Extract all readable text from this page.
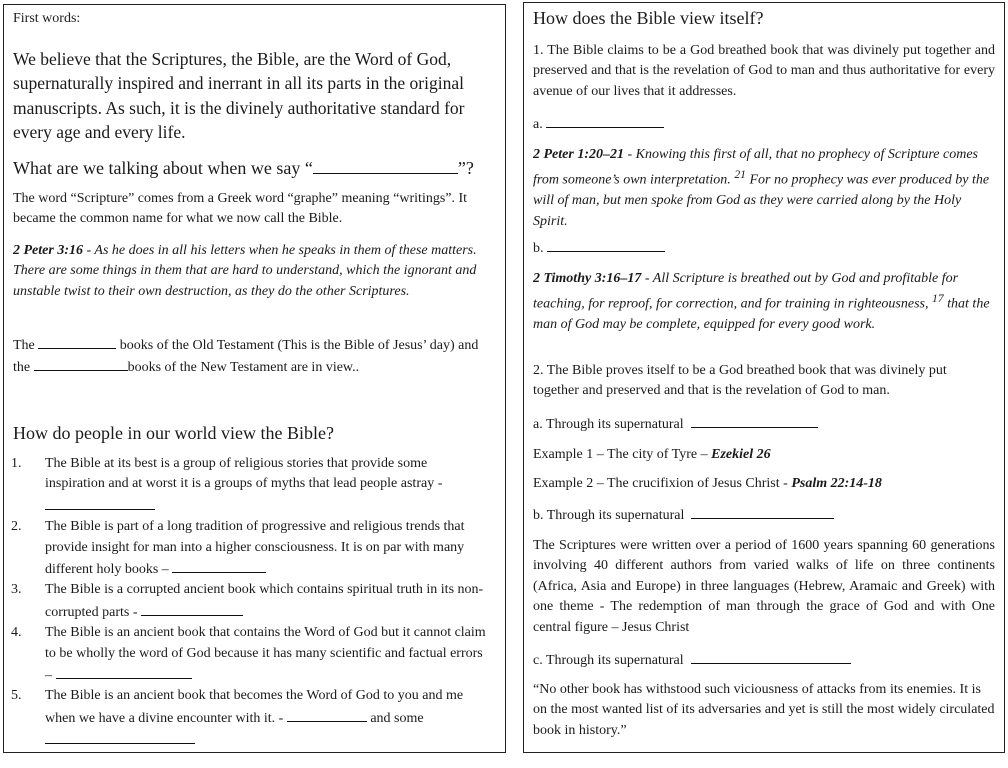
First words:

We believe that the Scriptures, the Bible, are the Word of God, supernaturally inspired and inerrant in all its parts in the original manuscripts. As such, it is the divinely authoritative standard for every age and every life.

What are we talking about when we say “	”?

The word “Scripture” comes from a Greek word “graphe” meaning “writings”. It became the common name for what we now call the Bible.

2 Peter 3:16 - As he does in all his letters when he speaks in them of these matters. There are some things in them that are hard to understand, which the ignorant and unstable twist to their own destruction, as they do the other Scriptures.

The	books of the Old Testament (This is the Bible of Jesus’ day) and the	books of the New Testament are in view..

How do people in our world view the Bible?

1. The Bible at its best is a group of religious stories that provide some inspiration and at worst it is a groups of myths that lead people astray -
2. The Bible is part of a long tradition of progressive and religious trends that provide insight for man into a higher consciousness. It is on par with many different holy books –
3. The Bible is a corrupted ancient book which contains spiritual truth in its non-corrupted parts -
4. The Bible is an ancient book that contains the Word of God but it cannot claim to be wholly the word of God because it has many scientific and factual errors –
5. The Bible is an ancient book that becomes the Word of God to you and me when we have a divine encounter with it. -	and some

How does the Bible view itself?

1. The Bible claims to be a God breathed book that was divinely put together and preserved and that is the revelation of God to man and thus authoritative for every avenue of our lives that it addresses.

a.

2 Peter 1:20–21 - Knowing this first of all, that no prophecy of Scripture comes from someone’s own interpretation. $^{21}$ For no prophecy was ever produced by the will of man, but men spoke from God as they were carried along by the Holy Spirit.

b.

2 Timothy 3:16–17 - All Scripture is breathed out by God and profitable for teaching, for reproof, for correction, and for training in righteousness, $^{17}$ that the man of God may be complete, equipped for every good work.

2. The Bible proves itself to be a God breathed book that was divinely put together and preserved and that is the revelation of God to man.

a. Through its supernatural

Example 1 – The city of Tyre – Ezekiel 26

Example 2 – The crucifixion of Jesus Christ - Psalm 22:14-18

b. Through its supernatural

The Scriptures were written over a period of 1600 years spanning 60 generations involving 40 different authors from varied walks of life on three continents (Africa, Asia and Europe) in three languages (Hebrew, Aramaic and Greek) with one theme - The redemption of man through the grace of God and with One central figure – Jesus Christ

c. Through its supernatural

“No other book has withstood such viciousness of attacks from its enemies. It is on the most wanted list of its adversaries and yet is still the most widely circulated book in history.”
